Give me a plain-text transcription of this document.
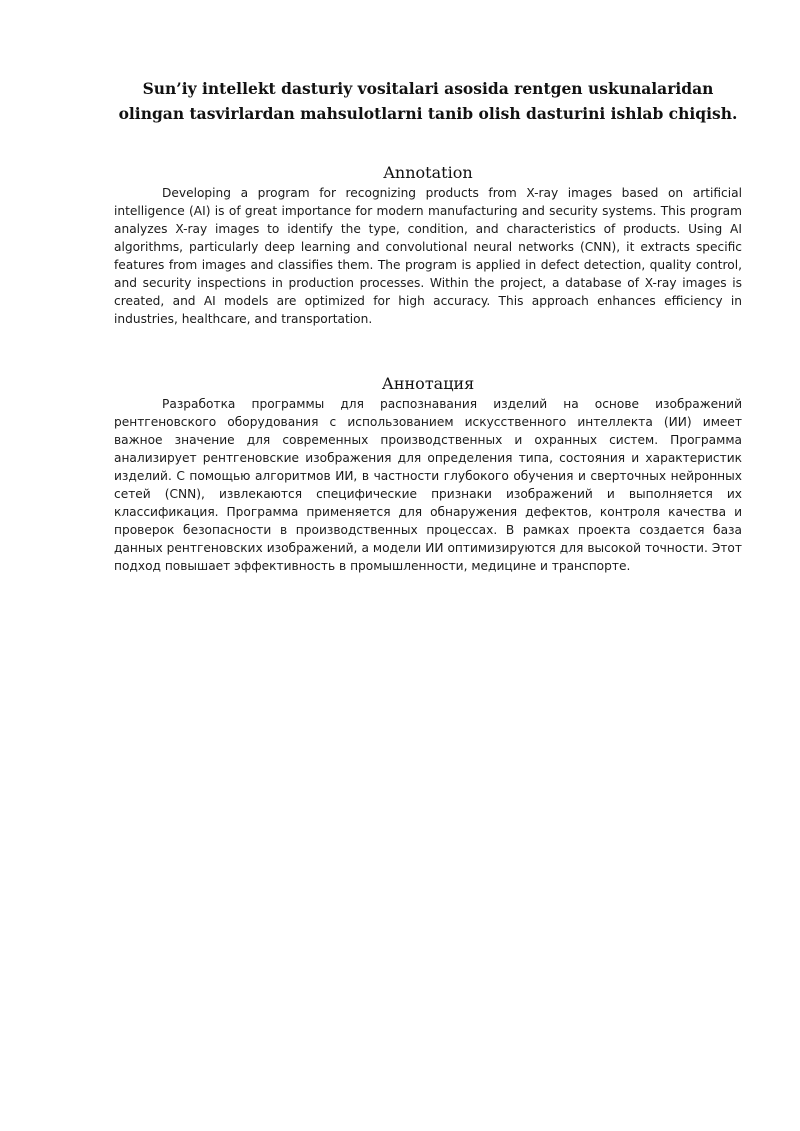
Sun’iy intellekt dasturiy vositalari asosida rentgen uskunalaridan olingan tasvirlardan mahsulotlarni tanib olish dasturini ishlab chiqish.
Annotation

Developing a program for recognizing products from X-ray images based on artificial intelligence (AI) is of great importance for modern manufacturing and security systems. This program analyzes X-ray images to identify the type, condition, and characteristics of products. Using AI algorithms, particularly deep learning and convolutional neural networks (CNN), it extracts specific features from images and classifies them. The program is applied in defect detection, quality control, and security inspections in production processes. Within the project, a database of X-ray images is created, and AI models are optimized for high accuracy. This approach enhances efficiency in industries, healthcare, and transportation.

Аннотация

Разработка программы для распознавания изделий на основе изображений рентгеновского оборудования с использованием искусственного интеллекта (ИИ) имеет важное значение для современных производственных и охранных систем. Программа анализирует рентгеновские изображения для определения типа, состояния и характеристик изделий. С помощью алгоритмов ИИ, в частности глубокого обучения и сверточных нейронных сетей (CNN), извлекаются специфические признаки изображений и выполняется их классификация. Программа применяется для обнаружения дефектов, контроля качества и проверок безопасности в производственных процессах. В рамках проекта создается база данных рентгеновских изображений, а модели ИИ оптимизируются для высокой точности. Этот подход повышает эффективность в промышленности, медицине и транспорте.
